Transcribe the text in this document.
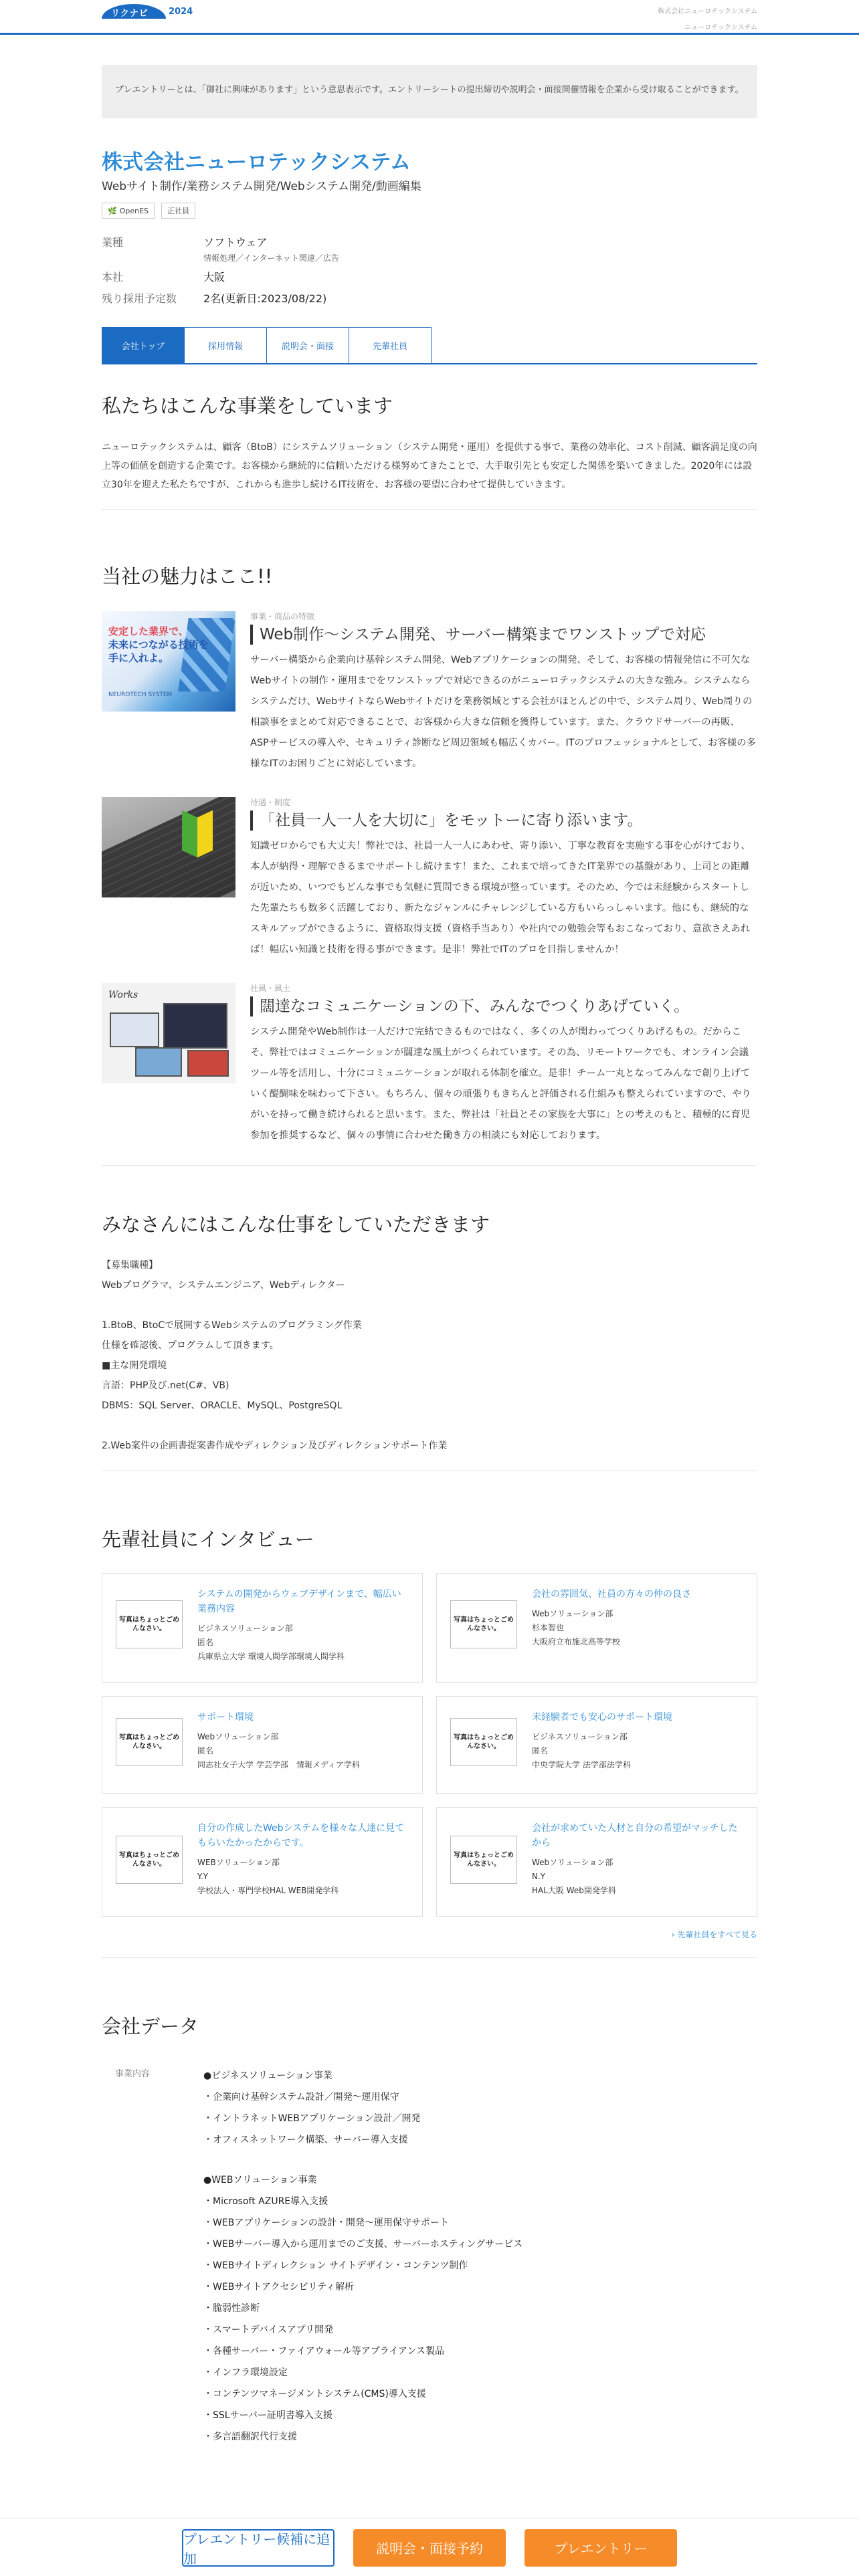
リクナビ 2024	株式会社ニューロテックシステム
ニューロテックシステム
プレエントリーとは、「御社に興味があります」という意思表示です。エントリーシートの提出締切や説明会・面接開催情報を企業から受け取ることができます。
株式会社ニューロテックシステム

Webサイト制作/業務システム開発/Webシステム開発/動画編集

🌿 OpenES	正社員
業種	ソフトウェア
情報処理／インターネット関連／広告
本社	大阪
残り採用予定数	2名(更新日:2023/08/22)
会社トップ	採用情報	説明会・面接	先輩社員
私たちはこんな事業をしています

ニューロテックシステムは、顧客（BtoB）にシステムソリューション（システム開発・運用）を提供する事で、業務の効率化、コスト削減、顧客満足度の向上等の価値を創造する企業です。お客様から継続的に信頼いただける様努めてきたことで、大手取引先とも安定した関係を築いてきました。2020年には設立30年を迎えた私たちですが、これからも進歩し続けるIT技術を、お客様の要望に合わせて提供していきます。

当社の魅力はここ!!
安定した業界で、
未来につながる技術を
手に入れよ。
NEUROTECH SYSTEM
事業・商品の特徴
Web制作〜システム開発、サーバー構築までワンストップで対応

サーバー構築から企業向け基幹システム開発、Webアプリケーションの開発、そして、お客様の情報発信に不可欠なWebサイトの制作・運用までをワンストップで対応できるのがニューロテックシステムの大きな強み。システムならシステムだけ、WebサイトならWebサイトだけを業務領域とする会社がほとんどの中で、システム周り、Web周りの相談事をまとめて対応できることで、お客様から大きな信頼を獲得しています。また、クラウドサーバーの再販、ASPサービスの導入や、セキュリティ診断など周辺領域も幅広くカバー。ITのプロフェッショナルとして、お客様の多様なITのお困りごとに対応しています。

待遇・制度
「社員一人一人を大切に」をモットーに寄り添います。

知識ゼロからでも大丈夫！弊社では、社員一人一人にあわせ、寄り添い、丁寧な教育を実施する事を心がけており、本人が納得・理解できるまでサポートし続けます！また、これまで培ってきたIT業界での基盤があり、上司との距離が近いため、いつでもどんな事でも気軽に質問できる環境が整っています。そのため、今では未経験からスタートした先輩たちも数多く活躍しており、新たなジャンルにチャレンジしている方もいらっしゃいます。他にも、継続的なスキルアップができるように、資格取得支援（資格手当あり）や社内での勉強会等もおこなっており、意欲さえあれば！幅広い知識と技術を得る事ができます。是非！弊社でITのプロを目指しませんか！

Works
社風・風土
闊達なコミュニケーションの下、みんなでつくりあげていく。

システム開発やWeb制作は一人だけで完結できるものではなく、多くの人が関わってつくりあげるもの。だからこそ、弊社ではコミュニケーションが闊達な風土がつくられています。その為、リモートワークでも、オンライン会議ツール等を活用し、十分にコミュニケーションが取れる体制を確立。是非！チーム一丸となってみんなで創り上げていく醍醐味を味わって下さい。もちろん、個々の頑張りもきちんと評価される仕組みも整えられていますので、やりがいを持って働き続けられると思います。また、弊社は「社員とその家族を大事に」との考えのもと、積極的に育児参加を推奨するなど、個々の事情に合わせた働き方の相談にも対応しております。

みなさんにはこんな仕事をしていただきます
【募集職種】
Webプログラマ、システムエンジニア、Webディレクター
1.BtoB、BtoCで展開するWebシステムのプログラミング作業
仕様を確認後、プログラムして頂きます。
■主な開発環境
言語：PHP及び.net(C#、VB)
DBMS：SQL Server、ORACLE、MySQL、PostgreSQL
2.Web案件の企画書提案書作成やディレクション及びディレクションサポート作業
先輩社員にインタビュー
写真はちょっとごめんなさい。
システムの開発からウェブデザインまで、幅広い業務内容
ビジネスソリューション部
匿名
兵庫県立大学 環境人間学部環境人間学科
写真はちょっとごめんなさい。
会社の雰囲気、社員の方々の仲の良さ
Webソリューション部
杉本智也
大阪府立布施北高等学校
写真はちょっとごめんなさい。
サポート環境
Webソリューション部
匿名
同志社女子大学 学芸学部　情報メディア学科
写真はちょっとごめんなさい。
未経験者でも安心のサポート環境
ビジネスソリューション部
匿名
中央学院大学 法学部法学科
写真はちょっとごめんなさい。
自分の作成したWebシステムを様々な人達に見てもらいたかったからです。
WEBソリューション部
Y.Y
学校法人・専門学校HAL WEB開発学科
写真はちょっとごめんなさい。
会社が求めていた人材と自分の希望がマッチしたから
Webソリューション部
N.Y
HAL大阪 Web開発学科
› 先輩社員をすべて見る
会社データ
事業内容	●ビジネスソリューション事業
・企業向け基幹システム設計／開発〜運用保守
・イントラネットWEBアプリケーション設計／開発
・オフィスネットワーク構築、サーバー導入支援
●WEBソリューション事業
・Microsoft AZURE導入支援
・WEBアプリケーションの設計・開発〜運用保守サポート
・WEBサーバー導入から運用までのご支援、サーバーホスティングサービス
・WEBサイトディレクション サイトデザイン・コンテンツ制作
・WEBサイトアクセシビリティ解析
・脆弱性診断
・スマートデバイスアプリ開発
・各種サーバー・ファイアウォール等アプライアンス製品
・インフラ環境設定
・コンテンツマネージメントシステム(CMS)導入支援
・SSLサーバー証明書導入支援
・多言語翻訳代行支援
プレエントリー候補に追加
説明会・面接予約	プレエントリー
